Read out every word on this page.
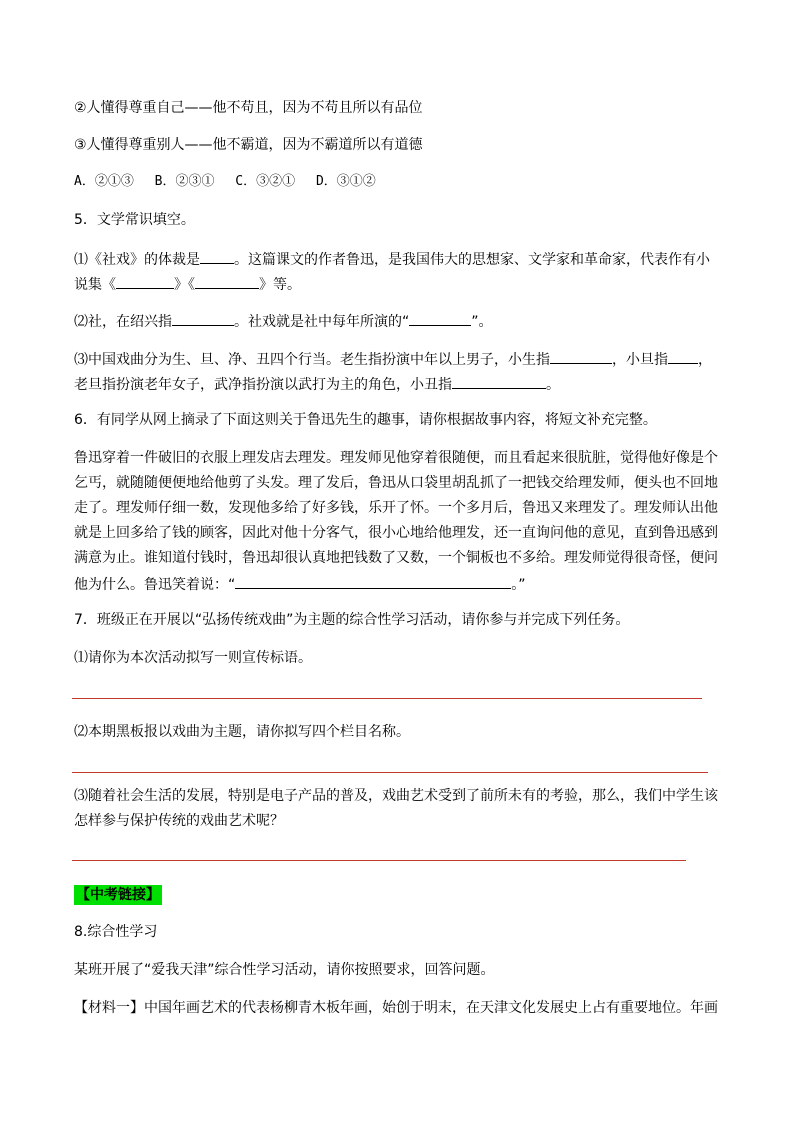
②人懂得尊重自己——他不苟且，因为不苟且所以有品位
③人懂得尊重别人——他不霸道，因为不霸道所以有道德
A．②①③　 B．②③①　 C．③②①　 D．③①②
5．文学常识填空。
⑴《社戏》的体裁是 。这篇课文的作者鲁迅，是我国伟大的思想家、文学家和革命家，代表作有小
说集《	》《	》等。
⑵社，在绍兴指	。社戏就是社中每年所演的“	”。
⑶中国戏曲分为生、旦、净、丑四个行当。老生指扮演中年以上男子，小生指	，小旦指 ，
老旦指扮演老年女子，武净指扮演以武打为主的角色，小丑指	。
6．有同学从网上摘录了下面这则关于鲁迅先生的趣事，请你根据故事内容，将短文补充完整。
鲁迅穿着一件破旧的衣服上理发店去理发。理发师见他穿着很随便，而且看起来很肮脏，觉得他好像是个
乞丐，就随随便便地给他剪了头发。理了发后，鲁迅从口袋里胡乱抓了一把钱交给理发师，便头也不回地
走了。理发师仔细一数，发现他多给了好多钱，乐开了怀。一个多月后，鲁迅又来理发了。理发师认出他
就是上回多给了钱的顾客，因此对他十分客气，很小心地给他理发，还一直询问他的意见，直到鲁迅感到
满意为止。谁知道付钱时，鲁迅却很认真地把钱数了又数，一个铜板也不多给。理发师觉得很奇怪，便问
他为什么。鲁迅笑着说：“	。”
7．班级正在开展以“弘扬传统戏曲”为主题的综合性学习活动，请你参与并完成下列任务。
⑴请你为本次活动拟写一则宣传标语。
⑵本期黑板报以戏曲为主题，请你拟写四个栏目名称。
⑶随着社会生活的发展，特别是电子产品的普及，戏曲艺术受到了前所未有的考验，那么，我们中学生该
怎样参与保护传统的戏曲艺术呢？
【中考链接】
8.综合性学习
某班开展了“爱我天津”综合性学习活动，请你按照要求，回答问题。
【材料一】中国年画艺术的代表杨柳青木板年画，始创于明末，在天津文化发展史上占有重要地位。年画
